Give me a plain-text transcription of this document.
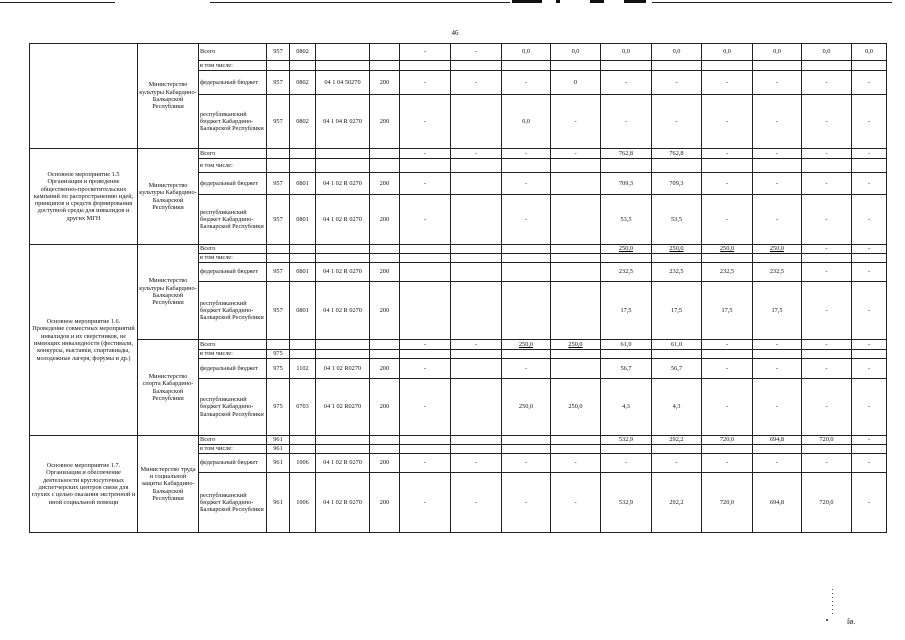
46
	Министерство культуры Кабардино-Балкарской Республики	Всего	957	0802			-	-	0,0	0,0	0,0	0,0	0,0	0,0	0,0	0,0
		в том числе:														
		федеральный бюджет	957	0802	04 1 04 50270	200	-	-	-	0	-	-	-	-	-	-
		республиканский бюджет Кабардино-Балкарской Республики	957	0802	04 1 04 R 0270	200	-		0,0	-	-	-	-	-	-	-
Основное мероприятие 1.5 Организация и проведение общественно-просветительских кампаний по распространению идей, принципов и средств формирования доступной среды для инвалидов и других МГН	Министерство культуры Кабардино-Балкарской Республики	Всего					-	-	-	-	762,8	762,8	-	-	-	-
		в том числе:														
		федеральный бюджет	957	0801	04 1 02 R 0270	200	-		-		709,3	709,3	-	-	-	-
		республиканский бюджет Кабардино-Балкарской Республики	957	0801	04 1 02 R 0270	200	-		-		53,5	53,5	-	-	-	-
Основное мероприятие 1.6. Проведение совместных мероприятий инвалидов и их сверстников, не имеющих инвалидности (фестивали, конкурсы, выставки, спартакиады, молодежные лагеря, форумы и др.)	Министерство культуры Кабардино-Балкарской Республики	Всего									250,0	250,0	250,0	250,0	-	-
		в том числе:														
		федеральный бюджет	957	0801	04 1 02 R 0270	200					232,5	232,5	232,5	232,5	-	-
		республиканский бюджет Кабардино-Балкарской Республики	957	0801	04 1 02 R 0270	200					17,5	17,5	17,5	17,5	-	-
	Министерство спорта Кабардино-Балкарской Республики	Всего					-	-	250,0	250,0	61,0	61,0	-	-	-	-
		в том числе:	975													
		федеральный бюджет	975	1102	04 1 02 R0270	200	-		-		56,7	56,7	-	-	-	-
		республиканский бюджет Кабардино-Балкарской Республики	975	0703	04 1 02 R0270	200	-		250,0	250,0	4,3	4,3	-	-	-	-
Основное мероприятие 1.7. Организация и обеспечение деятельности круглосуточных диспетчерских центров связи для глухих с целью оказания экстренной и иной социальной помощи	Министерство труда и социальной защиты Кабардино-Балкарской Республики	Всего	961								532,9	292,2	720,0	694,8	720,0	-
		в том числе:	961													
		федеральный бюджет	961	1006	04 1 02 R 0270	200	-	-	-	-	-	-	-	-	-	-
		республиканский бюджет Кабардино-Балкарской Республики	961	1006	04 1 02 R 0270	200	-	-	-	-	532,9	292,2	720,0	694,8	720,0	-
ſø.
